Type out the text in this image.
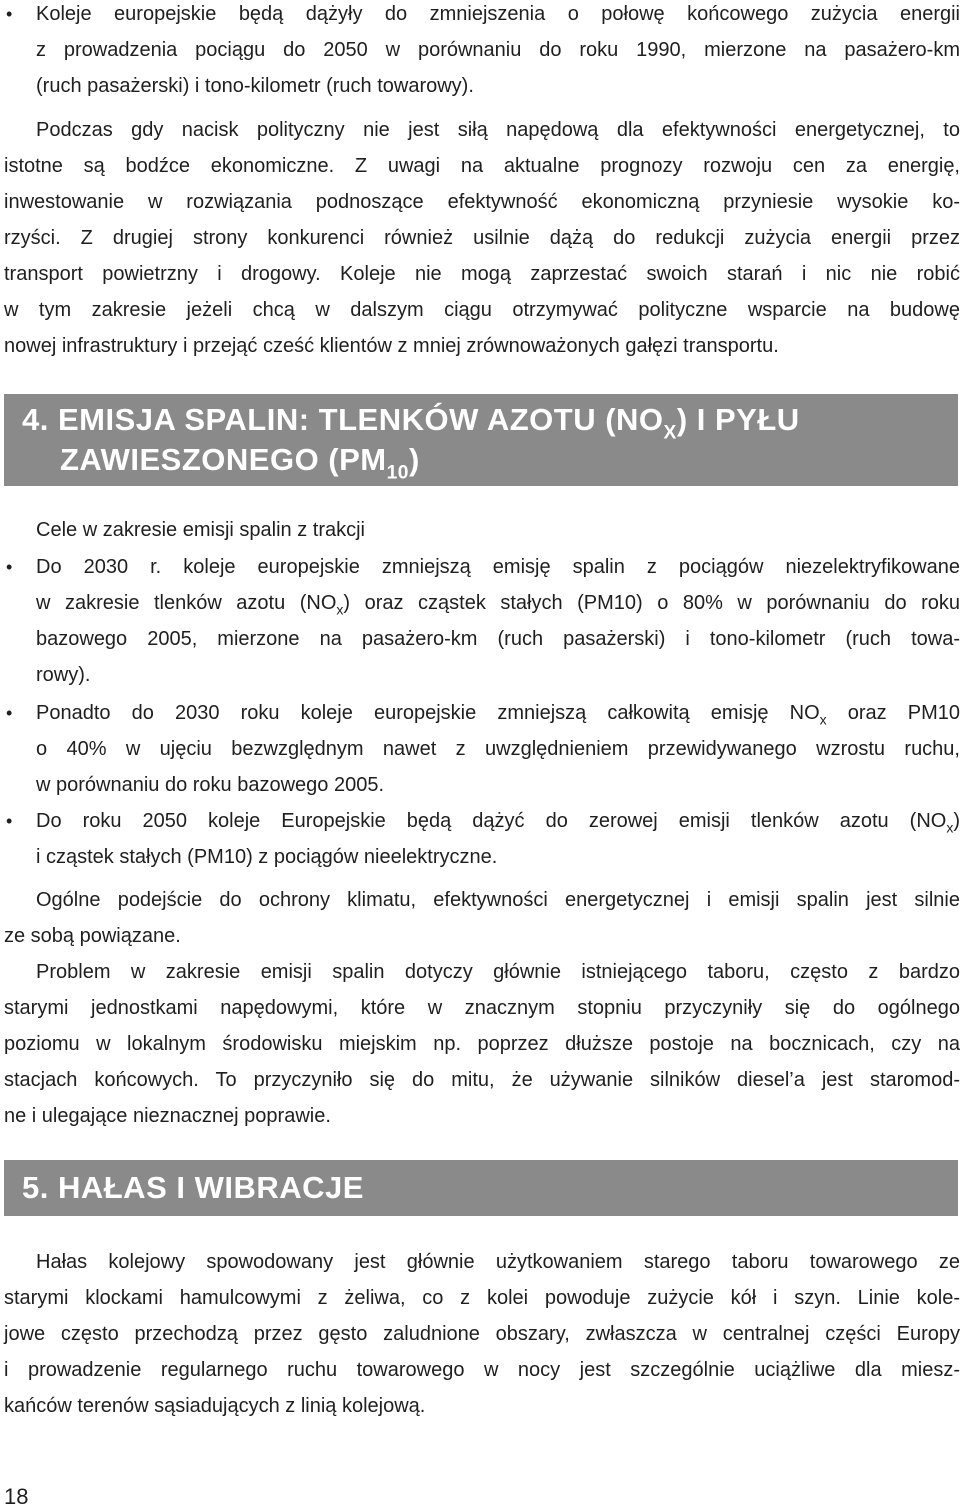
• Koleje europejskie będą dążyły do zmniejszenia o połowę końcowego zużycia energii
z prowadzenia pociągu do 2050 w porównaniu do roku 1990, mierzone na pasażero-km
(ruch pasażerski) i tono-kilometr (ruch towarowy).
Podczas gdy nacisk polityczny nie jest siłą napędową dla efektywności energetycznej, to
istotne są bodźce ekonomiczne. Z uwagi na aktualne prognozy rozwoju cen za energię,
inwestowanie w rozwiązania podnoszące efektywność ekonomiczną przyniesie wysokie ko-
rzyści. Z drugiej strony konkurenci również usilnie dążą do redukcji zużycia energii przez
transport powietrzny i drogowy. Koleje nie mogą zaprzestać swoich starań i nic nie robić
w tym zakresie jeżeli chcą w dalszym ciągu otrzymywać polityczne wsparcie na budowę
nowej infrastruktury i przejąć cześć klientów z mniej zrównoważonych gałęzi transportu.
4. EMISJA SPALIN: TLENKÓW AZOTU $(NO_X)$ I PYŁU
ZAWIESZONEGO $(PM_{10})$
Cele w zakresie emisji spalin z trakcji
• Do 2030 r. koleje europejskie zmniejszą emisję spalin z pociągów niezelektryfikowane
w zakresie tlenków azotu $(NO_x)$ oraz cząstek stałych (PM10) o 80% w porównaniu do roku
bazowego 2005, mierzone na pasażero-km (ruch pasażerski) i tono-kilometr (ruch towa-
rowy).
• Ponadto do 2030 roku koleje europejskie zmniejszą całkowitą emisję $NO_x$ oraz PM10
o 40% w ujęciu bezwzględnym nawet z uwzględnieniem przewidywanego wzrostu ruchu,
w porównaniu do roku bazowego 2005.
• Do roku 2050 koleje Europejskie będą dążyć do zerowej emisji tlenków azotu $(NO_x)$
i cząstek stałych (PM10) z pociągów nieelektryczne.
Ogólne podejście do ochrony klimatu, efektywności energetycznej i emisji spalin jest silnie
ze sobą powiązane.
Problem w zakresie emisji spalin dotyczy głównie istniejącego taboru, często z bardzo
starymi jednostkami napędowymi, które w znacznym stopniu przyczyniły się do ogólnego
poziomu w lokalnym środowisku miejskim np. poprzez dłuższe postoje na bocznicach, czy na
stacjach końcowych. To przyczyniło się do mitu, że używanie silników diesel’a jest staromod-
ne i ulegające nieznacznej poprawie.
5. HAŁAS I WIBRACJE
Hałas kolejowy spowodowany jest głównie użytkowaniem starego taboru towarowego ze
starymi klockami hamulcowymi z żeliwa, co z kolei powoduje zużycie kół i szyn. Linie kole-
jowe często przechodzą przez gęsto zaludnione obszary, zwłaszcza w centralnej części Europy
i prowadzenie regularnego ruchu towarowego w nocy jest szczególnie uciążliwe dla miesz-
kańców terenów sąsiadujących z linią kolejową.
18
